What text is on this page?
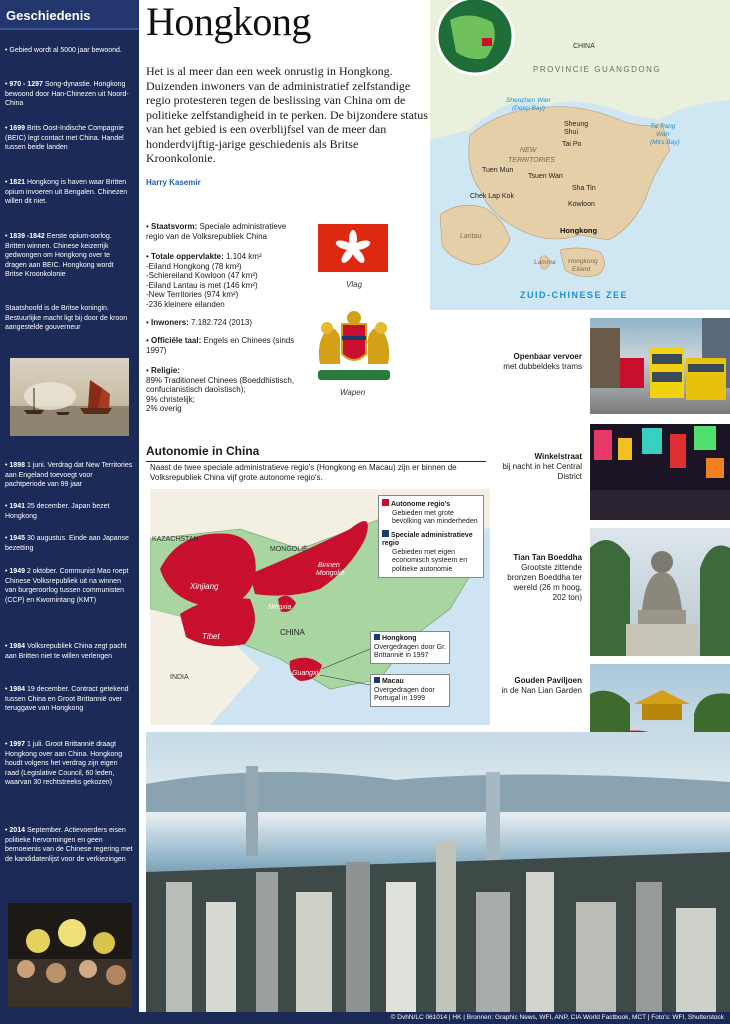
Geschiedenis
• Gebied wordt al 5000 jaar bewoond.
• 970 - 1297 Song-dynastie. Hongkong bewoond door Han-Chinezen uit Noord-China
• 1699 Brits Oost-Indische Compagnie (BEIC) legt contact met China. Handel tussen beide landen
• 1821 Hongkong is haven waar Britten opium invoeren uit Bengalen. Chinezen willen dit niet.
• 1839 -1842 Eerste opium-oorlog. Britten winnen. Chinese keizerrijk gedwongen om Hongkong over te dragen aan BEIC. Hongkong wordt Britse Kroonkolonie
Staatshoofd is de Britse koningin. Bestuurlijke macht ligt bij door de kroon aangestelde gouverneur
• 1898 1 juni. Verdrag dat New Territories aan Engeland toevoegt voor pachtperiode van 99 jaar
• 1941 25 december. Japan bezet Hongkong
• 1945 30 augustus. Einde aan Japanse bezetting
• 1949 2 oktober. Communist Mao roept Chinese Volksrepubliek uit na winnen van burgeroorlog tussen communisten (CCP) en Kwomintang (KMT)
• 1984 Volksrepubliek China zegt pacht aan Britten niet te willen verlengen
• 1984 19 december. Contract getekend tussen China en Groot Brittannië over teruggave van Hongkong
• 1997 1 juli. Groot Brittannië draagt Hongkong over aan China. Hongkong houdt volgens het verdrag zijn eigen raad (Legislative Council, 60 leden, waarvan 30 rechtstreeks gekozen)
• 2014 September. Actievoerders eisen politieke hervormingen en geen bemoeienis van de Chinese regering met de kandidatenlijst voor de verkiezingen
Hongkong
Het is al meer dan een week onrustig in Hongkong. Duizenden inwoners van de administratief zelfstandige regio protesteren tegen de beslissing van China om de politieke zelfstandigheid in te perken. De bijzondere status van het gebied is een overblijfsel van de meer dan honderdvijftig-jarige geschiedenis als Britse Kroonkolonie.
Harry Kasemir
• Staatsvorm: Speciale administratieve regio van de Volksrepubliek China
• Totale oppervlakte: 1.104 km²
-Eiland Hongkong (78 km²)
-Schiereiland Kowloon (47 km²)
-Eiland Lantau is met (146 km²)
-New Territories (974 km²)
-236 kleinere eilanden
• Inwoners: 7.182.724 (2013)
• Officiële taal: Engels en Chinees (sinds 1997)
• Religie:
89% Traditioneel Chinees (Boeddhistisch, confucianistisch daoïstisch);
9% christelijk;
2% overig
Vlag
Wapen
CHINA
PROVINCIE GUANGDONG
Shenzhen Wan
(Deep Bay)
Tai Pang
Wan
(Mirs Bay)
Sheung
Shui
Tai Po
NEW
TERRITORIES
Tuen Mun
Tsuen Wan
Sha Tin
Chek Lap Kok
Kowloon
Lantau
Hongkong
Lamma Hongkong
Eiland
ZUID-CHINESE ZEE
Autonomie in China
Naast de twee speciale administratieve regio's (Hongkong en Macau) zijn er binnen de Volksrepubliek China vijf grote autonome regio's.
KAZACHSTAN
MONGOLIË
CHINA
INDIA
Xinjiang
Tibet
Ningxia
Binnen
Mongolië
Guangxi
Autonome regio's
Gebieden met grote bevolking van minderheden
Speciale administratieve regio
Gebieden met eigen economisch systeem en politieke autonomie
Hongkong
Overgedragen door Gr. Brittannië in 1997
Macau
Overgedragen door Portugal in 1999
Openbaar vervoer
met dubbeldeks trams
Winkelstraat
bij nacht in het Central District
Tian Tan Boeddha
Grootste zittende bronzen Boeddha ter wereld (26 m hoog, 202 ton)
Gouden Paviljoen
in de Nan Lian Garden
© DvhN/LC 061014 | HK | Bronnen: Graphic News, WFI, ANP, CIA World Factbook, MCT | Foto's: WFI, Shutterstock
